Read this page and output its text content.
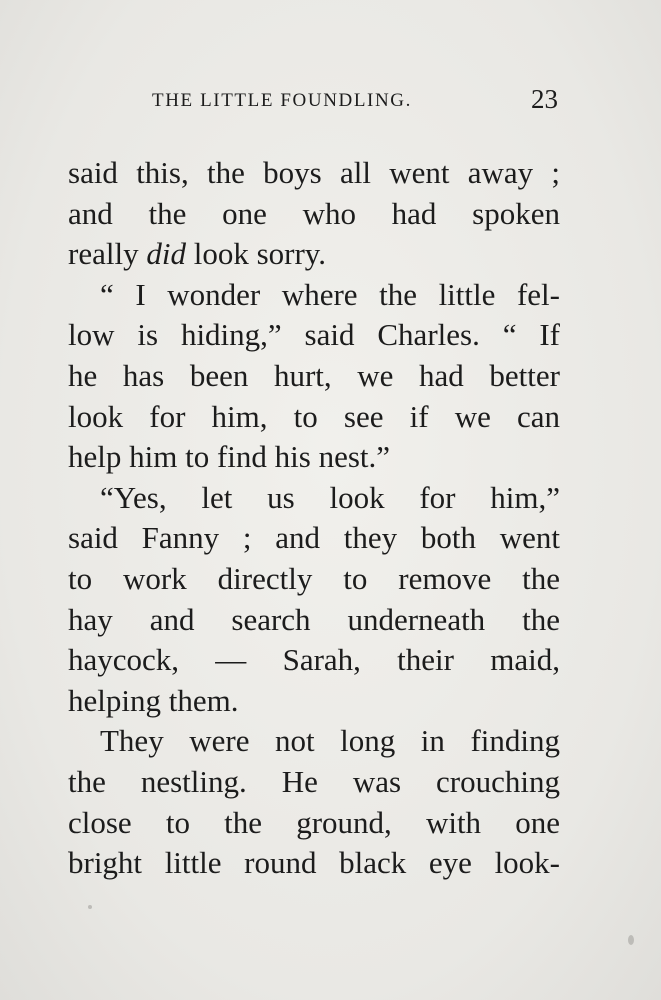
THE LITTLE FOUNDLING.	23
said this, the boys all went away ;
and the one who had spoken
really did look sorry.
“ I wonder where the little fel-
low is hiding,” said Charles. “ If
he has been hurt, we had better
look for him, to see if we can
help him to find his nest.”
“Yes, let us look for him,”
said Fanny ; and they both went
to work directly to remove the
hay and search underneath the
haycock, — Sarah, their maid,
helping them.
They were not long in finding
the nestling. He was crouching
close to the ground, with one
bright little round black eye look-
